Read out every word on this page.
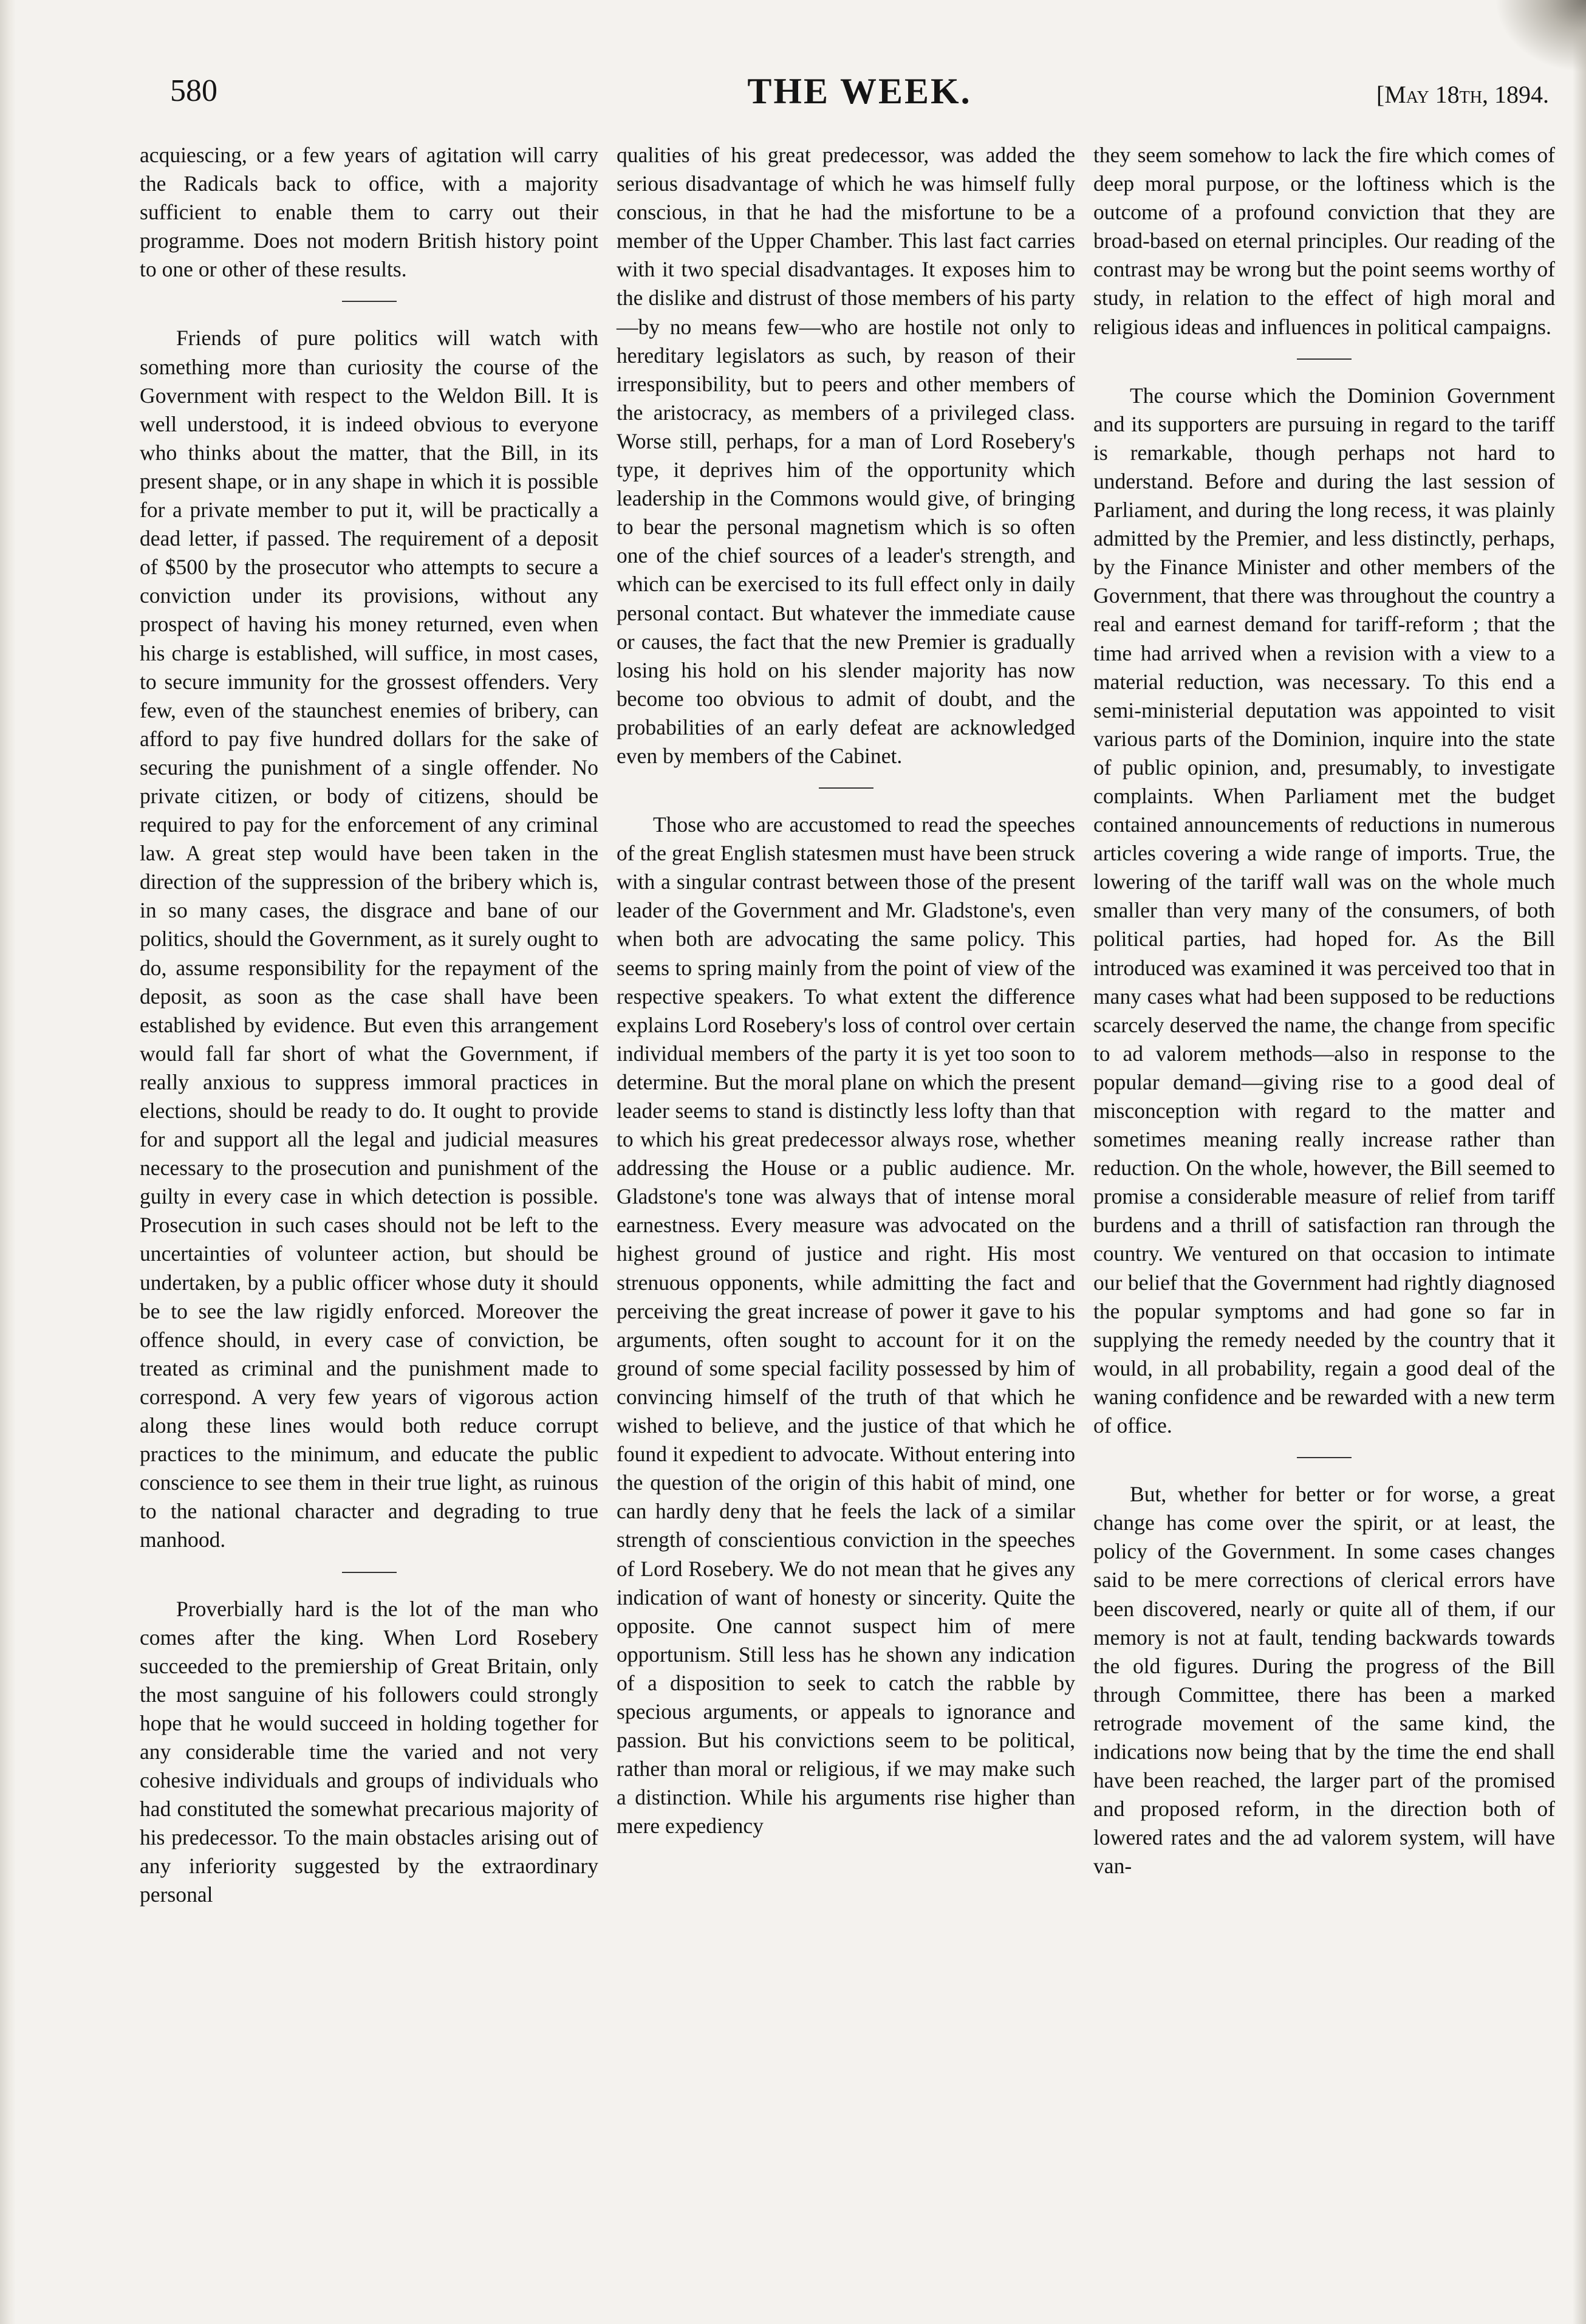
580	THE WEEK.	[May 18th, 1894.

acquiescing, or a few years of agitation will carry the Radicals back to office, with a majority sufficient to enable them to carry out their programme. Does not modern British history point to one or other of these results.

Friends of pure politics will watch with something more than curiosity the course of the Government with respect to the Weldon Bill. It is well understood, it is indeed obvious to everyone who thinks about the matter, that the Bill, in its present shape, or in any shape in which it is possible for a private member to put it, will be practically a dead letter, if passed. The requirement of a deposit of $500 by the prosecutor who attempts to secure a conviction under its provisions, without any prospect of having his money returned, even when his charge is established, will suffice, in most cases, to secure immunity for the grossest offenders. Very few, even of the staunchest enemies of bribery, can afford to pay five hundred dollars for the sake of securing the punishment of a single offender. No private citizen, or body of citizens, should be required to pay for the enforcement of any criminal law. A great step would have been taken in the direction of the suppression of the bribery which is, in so many cases, the disgrace and bane of our politics, should the Government, as it surely ought to do, assume responsibility for the repayment of the deposit, as soon as the case shall have been established by evidence. But even this arrangement would fall far short of what the Government, if really anxious to suppress immoral practices in elections, should be ready to do. It ought to provide for and support all the legal and judicial measures necessary to the prosecution and punishment of the guilty in every case in which detection is possible. Prosecution in such cases should not be left to the uncertainties of volunteer action, but should be undertaken, by a public officer whose duty it should be to see the law rigidly enforced. Moreover the offence should, in every case of conviction, be treated as criminal and the punishment made to correspond. A very few years of vigorous action along these lines would both reduce corrupt practices to the minimum, and educate the public conscience to see them in their true light, as ruinous to the national character and degrading to true manhood.

Proverbially hard is the lot of the man who comes after the king. When Lord Rosebery succeeded to the premiership of Great Britain, only the most sanguine of his followers could strongly hope that he would succeed in holding together for any considerable time the varied and not very cohesive individuals and groups of individuals who had constituted the somewhat precarious majority of his predecessor. To the main obstacles arising out of any inferiority suggested by the extraordinary personal

qualities of his great predecessor, was added the serious disadvantage of which he was himself fully conscious, in that he had the misfortune to be a member of the Upper Chamber. This last fact carries with it two special disadvantages. It exposes him to the dislike and distrust of those members of his party—by no means few—who are hostile not only to hereditary legislators as such, by reason of their irresponsibility, but to peers and other members of the aristocracy, as members of a privileged class. Worse still, perhaps, for a man of Lord Rosebery's type, it deprives him of the opportunity which leadership in the Commons would give, of bringing to bear the personal magnetism which is so often one of the chief sources of a leader's strength, and which can be exercised to its full effect only in daily personal contact. But whatever the immediate cause or causes, the fact that the new Premier is gradually losing his hold on his slender majority has now become too obvious to admit of doubt, and the probabilities of an early defeat are acknowledged even by members of the Cabinet.

Those who are accustomed to read the speeches of the great English statesmen must have been struck with a singular contrast between those of the present leader of the Government and Mr. Gladstone's, even when both are advocating the same policy. This seems to spring mainly from the point of view of the respective speakers. To what extent the difference explains Lord Rosebery's loss of control over certain individual members of the party it is yet too soon to determine. But the moral plane on which the present leader seems to stand is distinctly less lofty than that to which his great predecessor always rose, whether addressing the House or a public audience. Mr. Gladstone's tone was always that of intense moral earnestness. Every measure was advocated on the highest ground of justice and right. His most strenuous opponents, while admitting the fact and perceiving the great increase of power it gave to his arguments, often sought to account for it on the ground of some special facility possessed by him of convincing himself of the truth of that which he wished to believe, and the justice of that which he found it expedient to advocate. Without entering into the question of the origin of this habit of mind, one can hardly deny that he feels the lack of a similar strength of conscientious conviction in the speeches of Lord Rosebery. We do not mean that he gives any indication of want of honesty or sincerity. Quite the opposite. One cannot suspect him of mere opportunism. Still less has he shown any indication of a disposition to seek to catch the rabble by specious arguments, or appeals to ignorance and passion. But his convictions seem to be political, rather than moral or religious, if we may make such a distinction. While his arguments rise higher than mere expediency

they seem somehow to lack the fire which comes of deep moral purpose, or the loftiness which is the outcome of a profound conviction that they are broad-based on eternal principles. Our reading of the contrast may be wrong but the point seems worthy of study, in relation to the effect of high moral and religious ideas and influences in political campaigns.

The course which the Dominion Government and its supporters are pursuing in regard to the tariff is remarkable, though perhaps not hard to understand. Before and during the last session of Parliament, and during the long recess, it was plainly admitted by the Premier, and less distinctly, perhaps, by the Finance Minister and other members of the Government, that there was throughout the country a real and earnest demand for tariff-reform ; that the time had arrived when a revision with a view to a material reduction, was necessary. To this end a semi-ministerial deputation was appointed to visit various parts of the Dominion, inquire into the state of public opinion, and, presumably, to investigate complaints. When Parliament met the budget contained announcements of reductions in numerous articles covering a wide range of imports. True, the lowering of the tariff wall was on the whole much smaller than very many of the consumers, of both political parties, had hoped for. As the Bill introduced was examined it was perceived too that in many cases what had been supposed to be reductions scarcely deserved the name, the change from specific to ad valorem methods—also in response to the popular demand—giving rise to a good deal of misconception with regard to the matter and sometimes meaning really increase rather than reduction. On the whole, however, the Bill seemed to promise a considerable measure of relief from tariff burdens and a thrill of satisfaction ran through the country. We ventured on that occasion to intimate our belief that the Government had rightly diagnosed the popular symptoms and had gone so far in supplying the remedy needed by the country that it would, in all probability, regain a good deal of the waning confidence and be rewarded with a new term of office.

But, whether for better or for worse, a great change has come over the spirit, or at least, the policy of the Government. In some cases changes said to be mere corrections of clerical errors have been discovered, nearly or quite all of them, if our memory is not at fault, tending backwards towards the old figures. During the progress of the Bill through Committee, there has been a marked retrograde movement of the same kind, the indications now being that by the time the end shall have been reached, the larger part of the promised and proposed reform, in the direction both of lowered rates and the ad valorem system, will have van-
